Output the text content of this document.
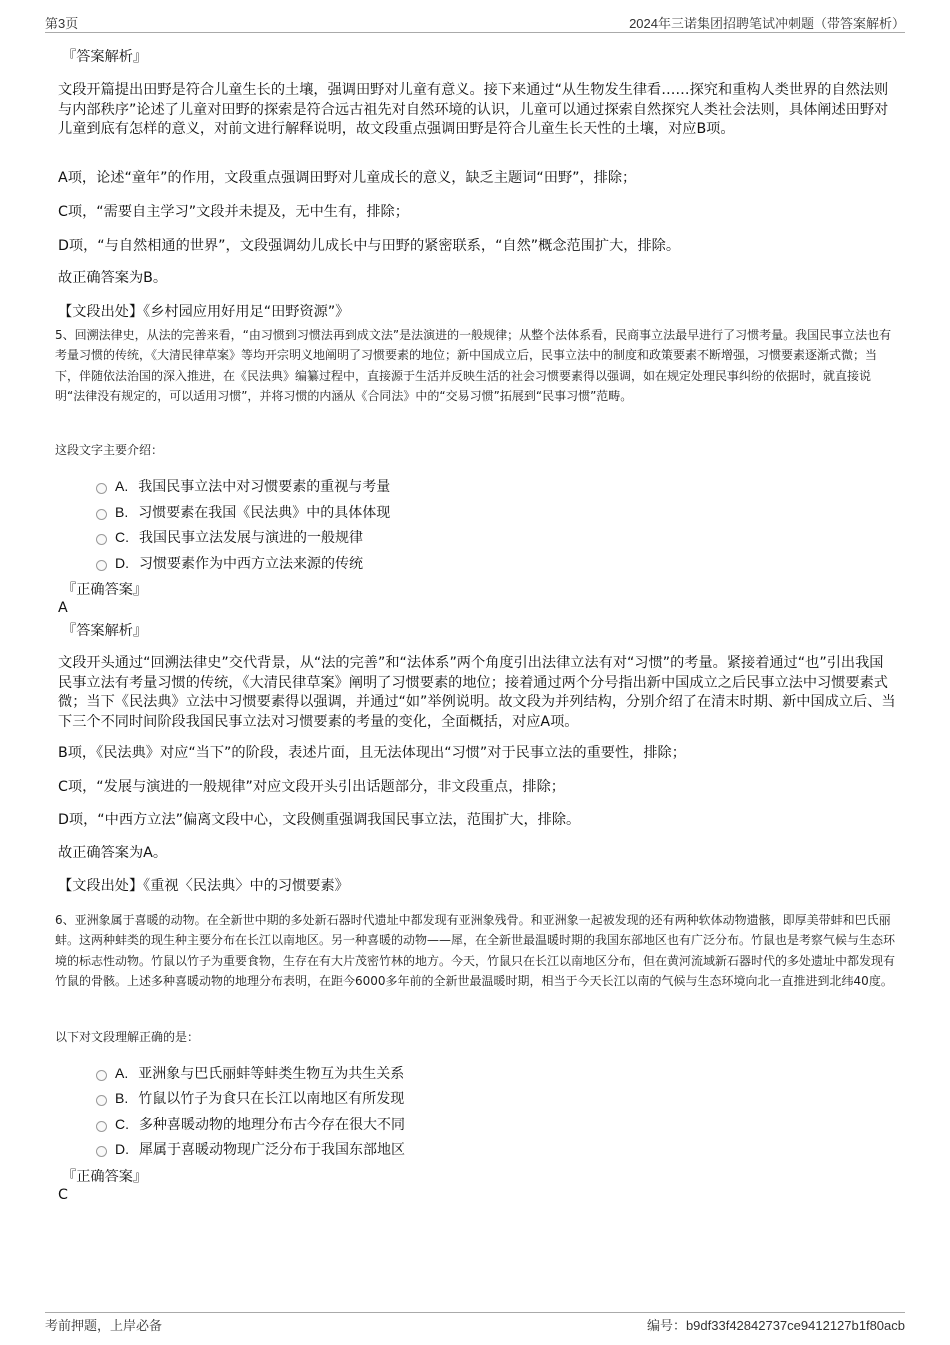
第3页	2024年三诺集团招聘笔试冲刺题（带答案解析）
『答案解析』
文段开篇提出田野是符合儿童生长的土壤，强调田野对儿童有意义。接下来通过“从生物发生律看……探究和重构人类世界的自然法则与内部秩序”论述了儿童对田野的探索是符合远古祖先对自然环境的认识，儿童可以通过探索自然探究人类社会法则，具体阐述田野对儿童到底有怎样的意义，对前文进行解释说明，故文段重点强调田野是符合儿童生长天性的土壤，对应B项。
A项，论述“童年”的作用，文段重点强调田野对儿童成长的意义，缺乏主题词“田野”，排除；
C项，“需要自主学习”文段并未提及，无中生有，排除；
D项，“与自然相通的世界”，文段强调幼儿成长中与田野的紧密联系，“自然”概念范围扩大，排除。
故正确答案为B。
【文段出处】《乡村园应用好用足“田野资源”》
5、回溯法律史，从法的完善来看，“由习惯到习惯法再到成文法”是法演进的一般规律；从整个法体系看，民商事立法最早进行了习惯考量。我国民事立法也有考量习惯的传统，《大清民律草案》等均开宗明义地阐明了习惯要素的地位；新中国成立后，民事立法中的制度和政策要素不断增强，习惯要素逐渐式微；当下，伴随依法治国的深入推进，在《民法典》编纂过程中，直接源于生活并反映生活的社会习惯要素得以强调，如在规定处理民事纠纷的依据时，就直接说明“法律没有规定的，可以适用习惯”，并将习惯的内涵从《合同法》中的“交易习惯”拓展到“民事习惯”范畴。
这段文字主要介绍：
A. 我国民事立法中对习惯要素的重视与考量
B. 习惯要素在我国《民法典》中的具体体现
C. 我国民事立法发展与演进的一般规律
D. 习惯要素作为中西方立法来源的传统
『正确答案』
A
『答案解析』
文段开头通过“回溯法律史”交代背景，从“法的完善”和“法体系”两个角度引出法律立法有对“习惯”的考量。紧接着通过“也”引出我国民事立法有考量习惯的传统，《大清民律草案》阐明了习惯要素的地位；接着通过两个分号指出新中国成立之后民事立法中习惯要素式微；当下《民法典》立法中习惯要素得以强调，并通过“如”举例说明。故文段为并列结构，分别介绍了在清末时期、新中国成立后、当下三个不同时间阶段我国民事立法对习惯要素的考量的变化，全面概括，对应A项。
B项，《民法典》对应“当下”的阶段，表述片面，且无法体现出“习惯”对于民事立法的重要性，排除；
C项，“发展与演进的一般规律”对应文段开头引出话题部分，非文段重点，排除；
D项，“中西方立法”偏离文段中心，文段侧重强调我国民事立法，范围扩大，排除。
故正确答案为A。
【文段出处】《重视〈民法典〉中的习惯要素》
6、亚洲象属于喜暖的动物。在全新世中期的多处新石器时代遗址中都发现有亚洲象残骨。和亚洲象一起被发现的还有两种软体动物遗骸，即厚美带蚌和巴氏丽蚌。这两种蚌类的现生种主要分布在长江以南地区。另一种喜暖的动物——犀，在全新世最温暖时期的我国东部地区也有广泛分布。竹鼠也是考察气候与生态环境的标志性动物。竹鼠以竹子为重要食物，生存在有大片茂密竹林的地方。今天，竹鼠只在长江以南地区分布，但在黄河流域新石器时代的多处遗址中都发现有竹鼠的骨骸。上述多种喜暖动物的地理分布表明，在距今6000多年前的全新世最温暖时期，相当于今天长江以南的气候与生态环境向北一直推进到北纬40度。
以下对文段理解正确的是：
A. 亚洲象与巴氏丽蚌等蚌类生物互为共生关系
B. 竹鼠以竹子为食只在长江以南地区有所发现
C. 多种喜暖动物的地理分布古今存在很大不同
D. 犀属于喜暖动物现广泛分布于我国东部地区
『正确答案』
C
考前押题，上岸必备	编号：b9df33f42842737ce9412127b1f80acb
